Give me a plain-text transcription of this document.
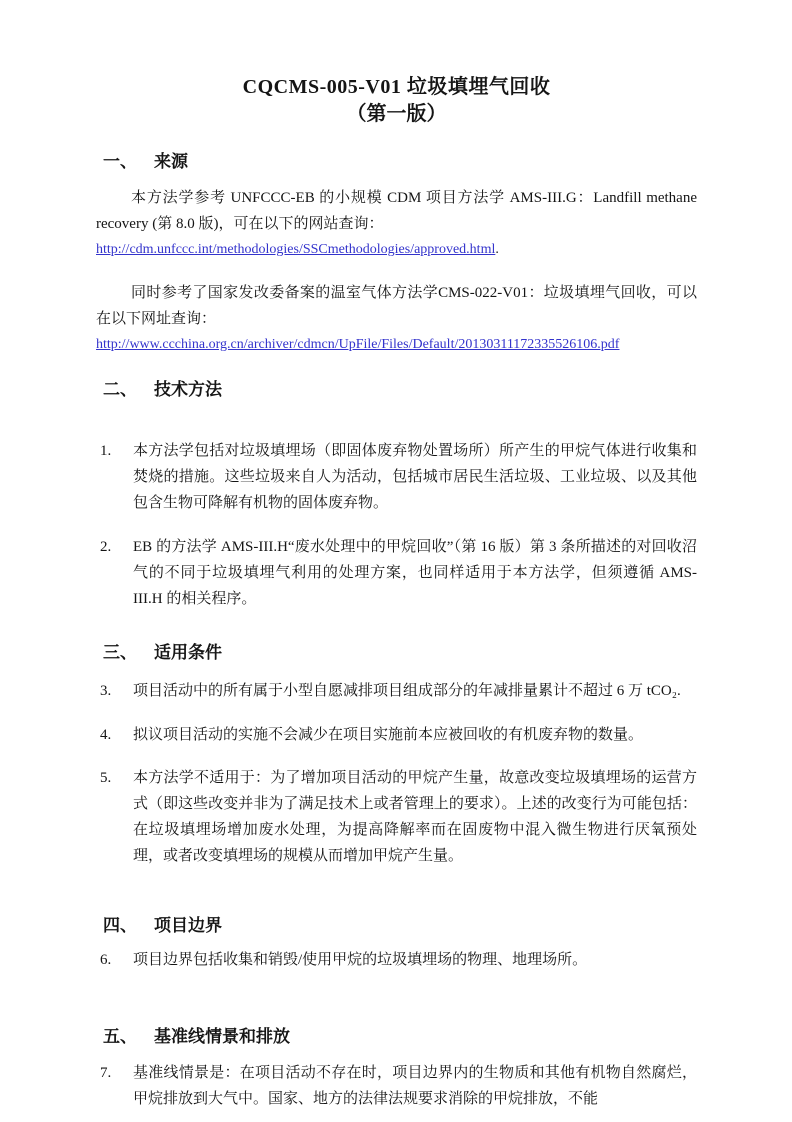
CQCMS-005-V01 垃圾填埋气回收
（第一版）
一、	来源
本方法学参考 UNFCCC-EB 的小规模 CDM 项目方法学 AMS-III.G：Landfill methane recovery (第 8.0 版)，可在以下的网站查询：
http://cdm.unfccc.int/methodologies/SSCmethodologies/approved.html.
同时参考了国家发改委备案的温室气体方法学CMS-022-V01：垃圾填埋气回收，可以在以下网址查询：
http://www.ccchina.org.cn/archiver/cdmcn/UpFile/Files/Default/20130311172335526106.pdf
二、	技术方法
1.	本方法学包括对垃圾填埋场（即固体废弃物处置场所）所产生的甲烷气体进行收集和焚烧的措施。这些垃圾来自人为活动，包括城市居民生活垃圾、工业垃圾、以及其他包含生物可降解有机物的固体废弃物。
2.	EB 的方法学 AMS-III.H“废水处理中的甲烷回收”（第 16 版）第 3 条所描述的对回收沼气的不同于垃圾填埋气利用的处理方案，也同样适用于本方法学，但须遵循 AMS-III.H 的相关程序。
三、	适用条件
3.	项目活动中的所有属于小型自愿减排项目组成部分的年减排量累计不超过 6 万 tCO₂.
4.	拟议项目活动的实施不会减少在项目实施前本应被回收的有机废弃物的数量。
5.	本方法学不适用于：为了增加项目活动的甲烷产生量，故意改变垃圾填埋场的运营方式（即这些改变并非为了满足技术上或者管理上的要求）。上述的改变行为可能包括：在垃圾填埋场增加废水处理，为提高降解率而在固废物中混入微生物进行厌氧预处理，或者改变填埋场的规模从而增加甲烷产生量。
四、	项目边界
6.	项目边界包括收集和销毁/使用甲烷的垃圾填埋场的物理、地理场所。
五、	基准线情景和排放
7.	基准线情景是：在项目活动不存在时，项目边界内的生物质和其他有机物自然腐烂，甲烷排放到大气中。国家、地方的法律法规要求消除的甲烷排放，不能
